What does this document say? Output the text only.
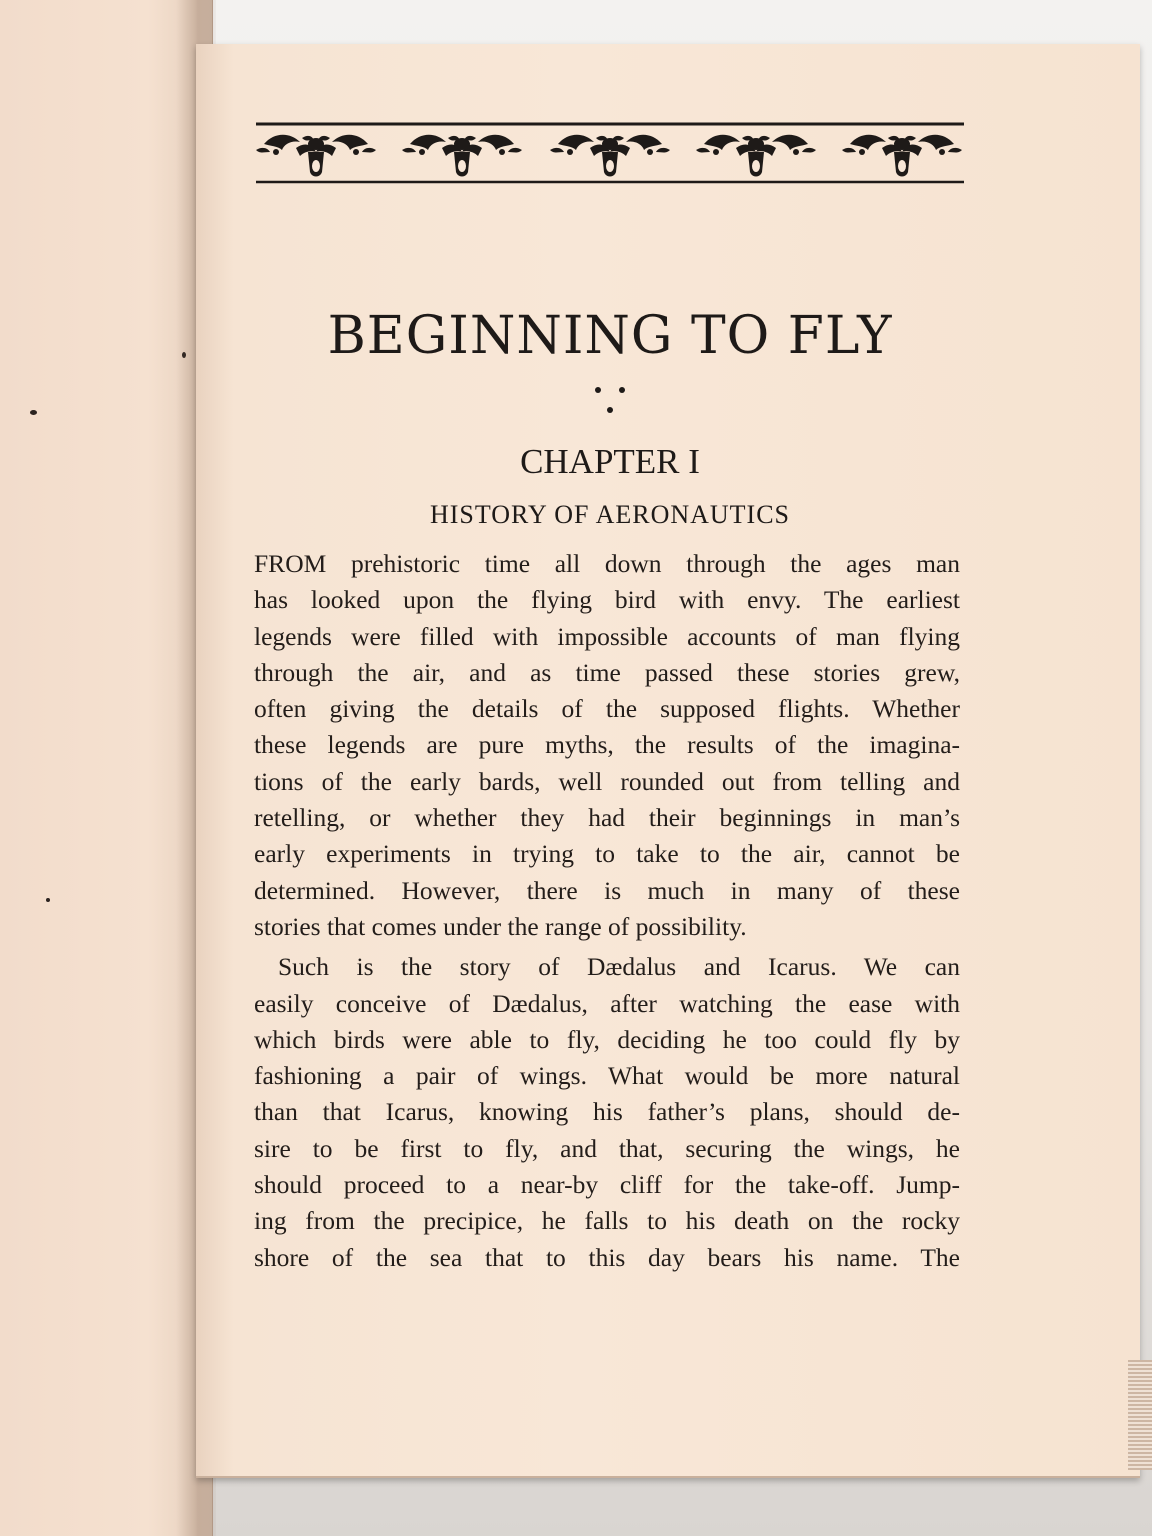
BEGINNING TO FLY
CHAPTER I
HISTORY OF AERONAUTICS
FROM prehistoric time all down through the ages man
has looked upon the flying bird with envy. The earliest
legends were filled with impossible accounts of man flying
through the air, and as time passed these stories grew,
often giving the details of the supposed flights. Whether
these legends are pure myths, the results of the imagina-
tions of the early bards, well rounded out from telling and
retelling, or whether they had their beginnings in man’s
early experiments in trying to take to the air, cannot be
determined. However, there is much in many of these
stories that comes under the range of possibility.
Such is the story of Dædalus and Icarus. We can
easily conceive of Dædalus, after watching the ease with
which birds were able to fly, deciding he too could fly by
fashioning a pair of wings. What would be more natural
than that Icarus, knowing his father’s plans, should de-
sire to be first to fly, and that, securing the wings, he
should proceed to a near-by cliff for the take-off. Jump-
ing from the precipice, he falls to his death on the rocky
shore of the sea that to this day bears his name. The
